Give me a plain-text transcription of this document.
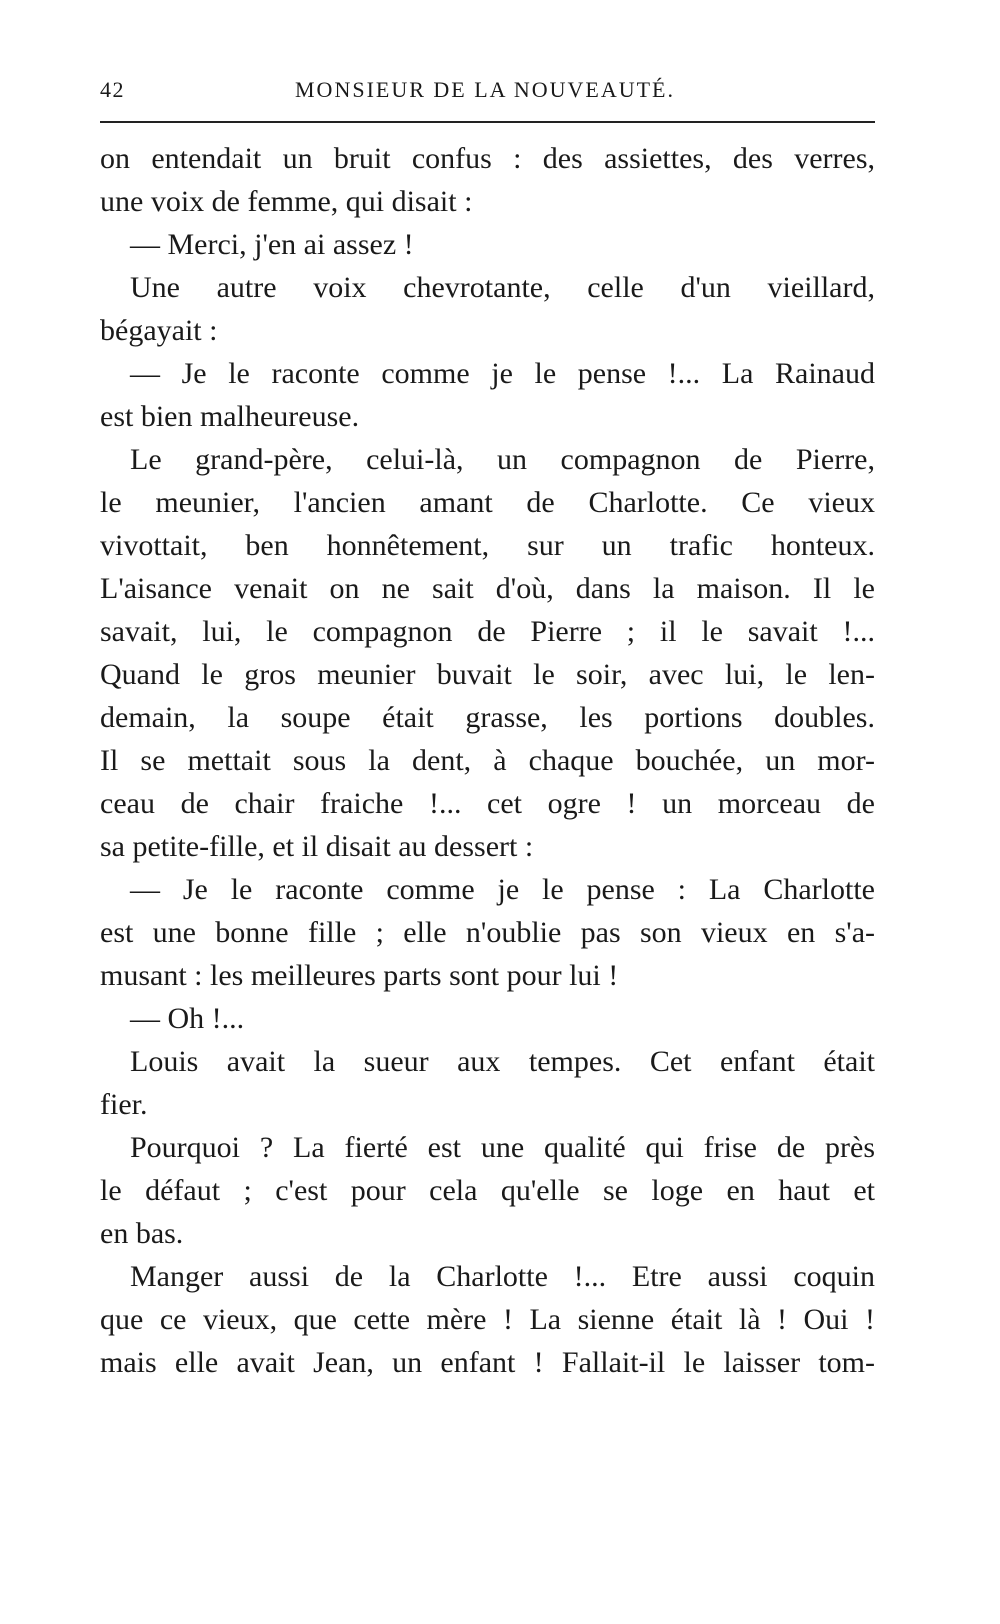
42	MONSIEUR DE LA NOUVEAUTÉ.
on entendait un bruit confus : des assiettes, des verres,
une voix de femme, qui disait :
— Merci, j'en ai assez !
Une autre voix chevrotante, celle d'un vieillard,
bégayait :
— Je le raconte comme je le pense !... La Rainaud
est bien malheureuse.
Le grand-père, celui-là, un compagnon de Pierre,
le meunier, l'ancien amant de Charlotte. Ce vieux
vivottait, ben honnêtement, sur un trafic honteux.
L'aisance venait on ne sait d'où, dans la maison. Il le
savait, lui, le compagnon de Pierre ; il le savait !...
Quand le gros meunier buvait le soir, avec lui, le len-
demain, la soupe était grasse, les portions doubles.
Il se mettait sous la dent, à chaque bouchée, un mor-
ceau de chair fraiche !... cet ogre ! un morceau de
sa petite-fille, et il disait au dessert :
— Je le raconte comme je le pense : La Charlotte
est une bonne fille ; elle n'oublie pas son vieux en s'a-
musant : les meilleures parts sont pour lui !
— Oh !...
Louis avait la sueur aux tempes. Cet enfant était
fier.
Pourquoi ? La fierté est une qualité qui frise de près
le défaut ; c'est pour cela qu'elle se loge en haut et
en bas.
Manger aussi de la Charlotte !... Etre aussi coquin
que ce vieux, que cette mère ! La sienne était là ! Oui !
mais elle avait Jean, un enfant ! Fallait-il le laisser tom-
